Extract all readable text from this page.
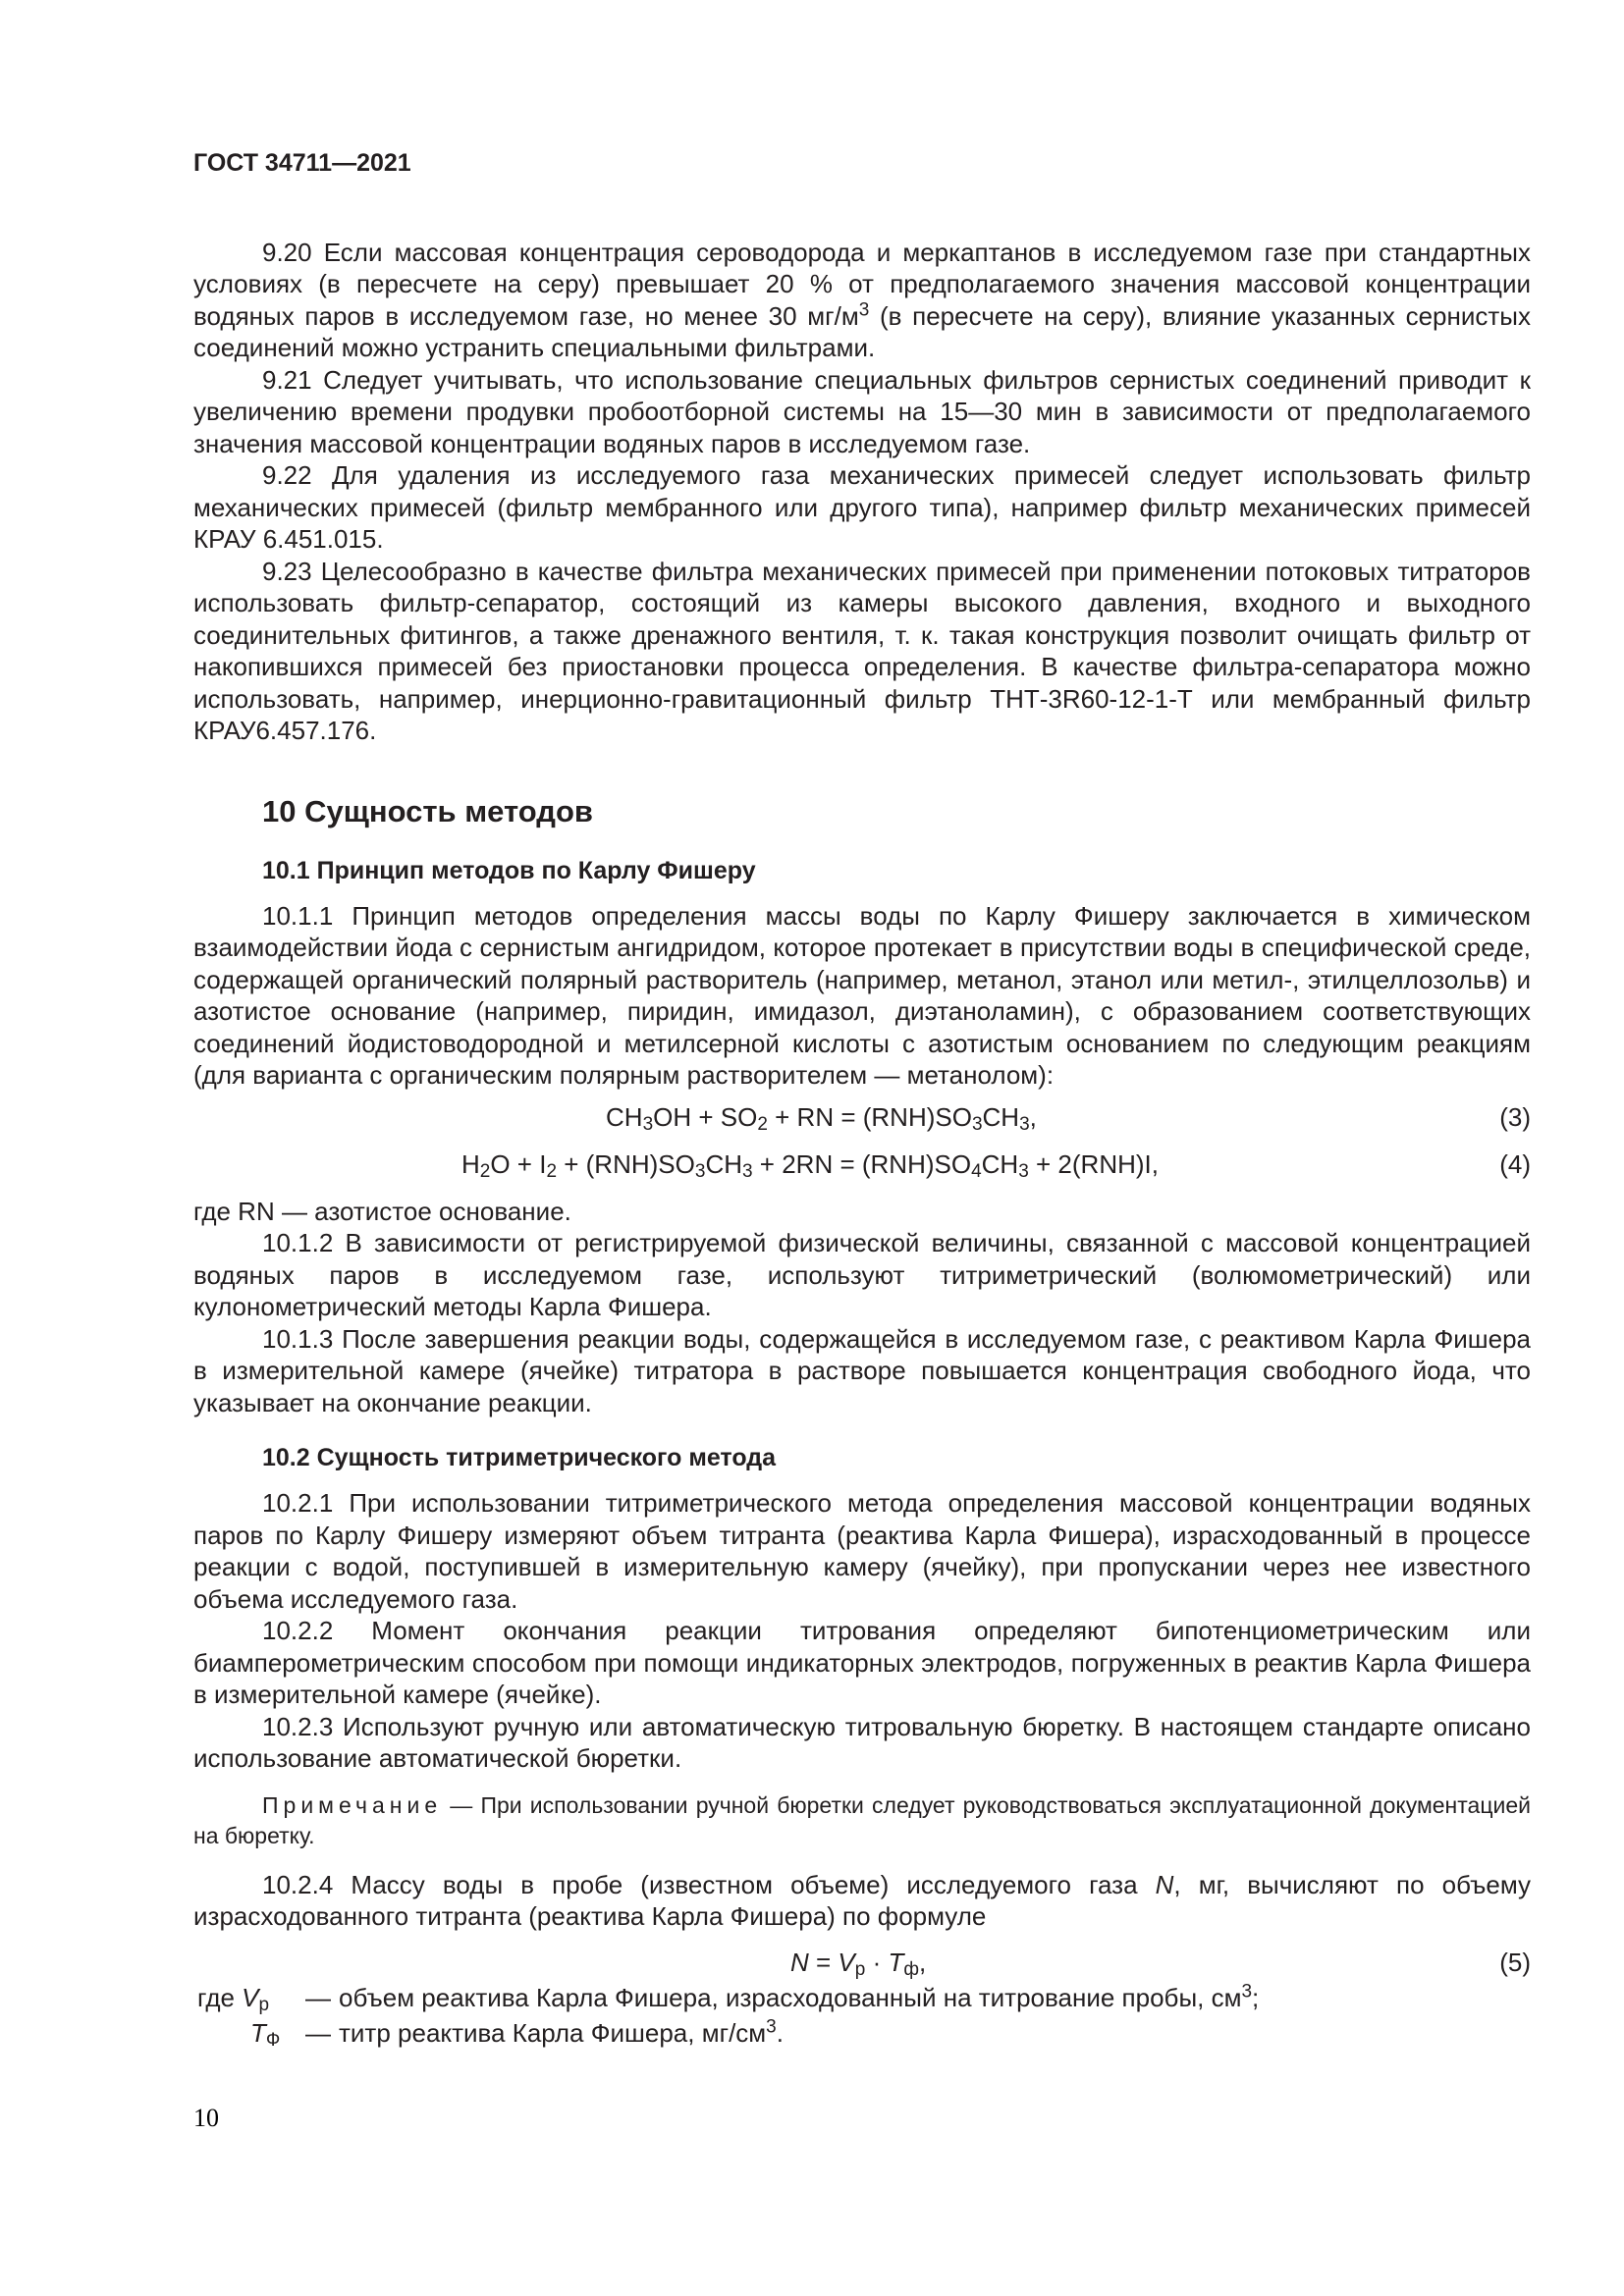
ГОСТ 34711—2021

9.20 Если массовая концентрация сероводорода и меркаптанов в исследуемом газе при стандартных условиях (в пересчете на серу) превышает 20 % от предполагаемого значения массовой концентрации водяных паров в исследуемом газе, но менее 30 $мг/м^3$ (в пересчете на серу), влияние указанных сернистых соединений можно устранить специальными фильтрами.

9.21 Следует учитывать, что использование специальных фильтров сернистых соединений приводит к увеличению времени продувки пробоотборной системы на 15—30 мин в зависимости от предполагаемого значения массовой концентрации водяных паров в исследуемом газе.

9.22 Для удаления из исследуемого газа механических примесей следует использовать фильтр механических примесей (фильтр мембранного или другого типа), например фильтр механических примесей КРАУ 6.451.015.

9.23 Целесообразно в качестве фильтра механических примесей при применении потоковых титраторов использовать фильтр-сепаратор, состоящий из камеры высокого давления, входного и выходного соединительных фитингов, а также дренажного вентиля, т. к. такая конструкция позволит очищать фильтр от накопившихся примесей без приостановки процесса определения. В качестве фильтра-сепаратора можно использовать, например, инерционно-гравитационный фильтр ТНТ-3R60-12-1-Т или мембранный фильтр КРАУ6.457.176.

10 Сущность методов
10.1 Принцип методов по Карлу Фишеру

10.1.1 Принцип методов определения массы воды по Карлу Фишеру заключается в химическом взаимодействии йода с сернистым ангидридом, которое протекает в присутствии воды в специфической среде, содержащей органический полярный растворитель (например, метанол, этанол или метил-, этилцеллозольв) и азотистое основание (например, пиридин, имидазол, диэтаноламин), с образованием соответствующих соединений йодистоводородной и метилсерной кислоты с азотистым основанием по следующим реакциям (для варианта с органическим полярным растворителем — метанолом):

$CH_3OH + SO_2$ + RN = $(RNH)SO_3CH_3$,	(3)
$H_2O + I_2 + (RNH)SO_3CH_3 + 2RN = (RNH)SO_4CH_3 + 2(RNH)I$,	(4)

где RN — азотистое основание.

10.1.2 В зависимости от регистрируемой физической величины, связанной с массовой концентрацией водяных паров в исследуемом газе, используют титриметрический (волюмометрический) или кулонометрический методы Карла Фишера.

10.1.3 После завершения реакции воды, содержащейся в исследуемом газе, с реактивом Карла Фишера в измерительной камере (ячейке) титратора в растворе повышается концентрация свободного йода, что указывает на окончание реакции.

10.2 Сущность титриметрического метода

10.2.1 При использовании титриметрического метода определения массовой концентрации водяных паров по Карлу Фишеру измеряют объем титранта (реактива Карла Фишера), израсходованный в процессе реакции с водой, поступившей в измерительную камеру (ячейку), при пропускании через нее известного объема исследуемого газа.

10.2.2 Момент окончания реакции титрования определяют бипотенциометрическим или биамперометрическим способом при помощи индикаторных электродов, погруженных в реактив Карла Фишера в измерительной камере (ячейке).

10.2.3 Используют ручную или автоматическую титровальную бюретку. В настоящем стандарте описано использование автоматической бюретки.

Примечание — При использовании ручной бюретки следует руководствоваться эксплуатационной документацией на бюретку.

10.2.4 Массу воды в пробе (известном объеме) исследуемого газа N, мг, вычисляют по объему израсходованного титранта (реактива Карла Фишера) по формуле

$N = V_р \cdot T_ф$,	(5)
где $V_р$ — объем реактива Карла Фишера, израсходованный на титрование пробы, $см^3$;
$T_Ф$ — титр реактива Карла Фишера, $мг/см^3$.
10
